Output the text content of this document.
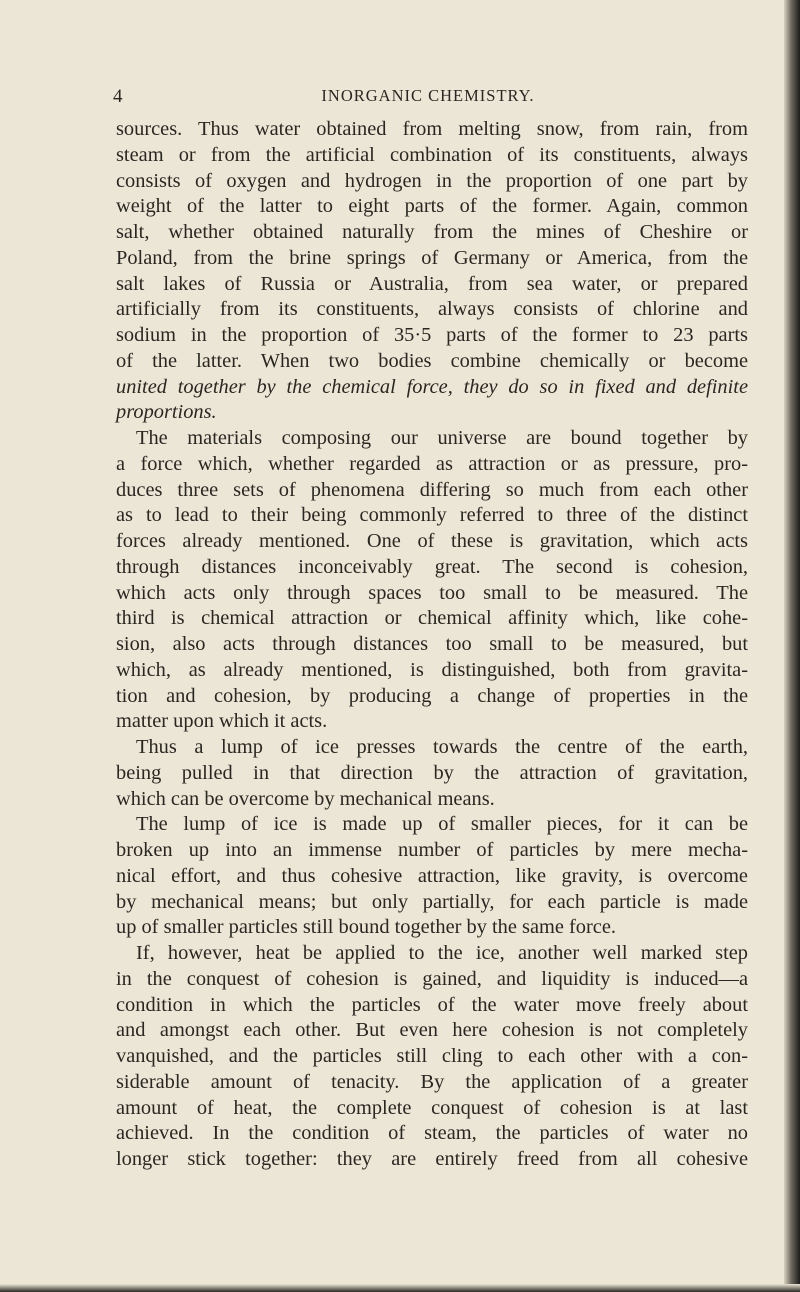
4	INORGANIC CHEMISTRY.
sources. Thus water obtained from melting snow, from rain, from
steam or from the artificial combination of its constituents, always
consists of oxygen and hydrogen in the proportion of one part by
weight of the latter to eight parts of the former. Again, common
salt, whether obtained naturally from the mines of Cheshire or
Poland, from the brine springs of Germany or America, from the
salt lakes of Russia or Australia, from sea water, or prepared
artificially from its constituents, always consists of chlorine and
sodium in the proportion of 35·5 parts of the former to 23 parts
of the latter. When two bodies combine chemically or become
united together by the chemical force, they do so in fixed and definite
proportions.
The materials composing our universe are bound together by
a force which, whether regarded as attraction or as pressure, pro-
duces three sets of phenomena differing so much from each other
as to lead to their being commonly referred to three of the distinct
forces already mentioned. One of these is gravitation, which acts
through distances inconceivably great. The second is cohesion,
which acts only through spaces too small to be measured. The
third is chemical attraction or chemical affinity which, like cohe-
sion, also acts through distances too small to be measured, but
which, as already mentioned, is distinguished, both from gravita-
tion and cohesion, by producing a change of properties in the
matter upon which it acts.
Thus a lump of ice presses towards the centre of the earth,
being pulled in that direction by the attraction of gravitation,
which can be overcome by mechanical means.
The lump of ice is made up of smaller pieces, for it can be
broken up into an immense number of particles by mere mecha-
nical effort, and thus cohesive attraction, like gravity, is overcome
by mechanical means; but only partially, for each particle is made
up of smaller particles still bound together by the same force.
If, however, heat be applied to the ice, another well marked step
in the conquest of cohesion is gained, and liquidity is induced—a
condition in which the particles of the water move freely about
and amongst each other. But even here cohesion is not completely
vanquished, and the particles still cling to each other with a con-
siderable amount of tenacity. By the application of a greater
amount of heat, the complete conquest of cohesion is at last
achieved. In the condition of steam, the particles of water no
longer stick together: they are entirely freed from all cohesive
